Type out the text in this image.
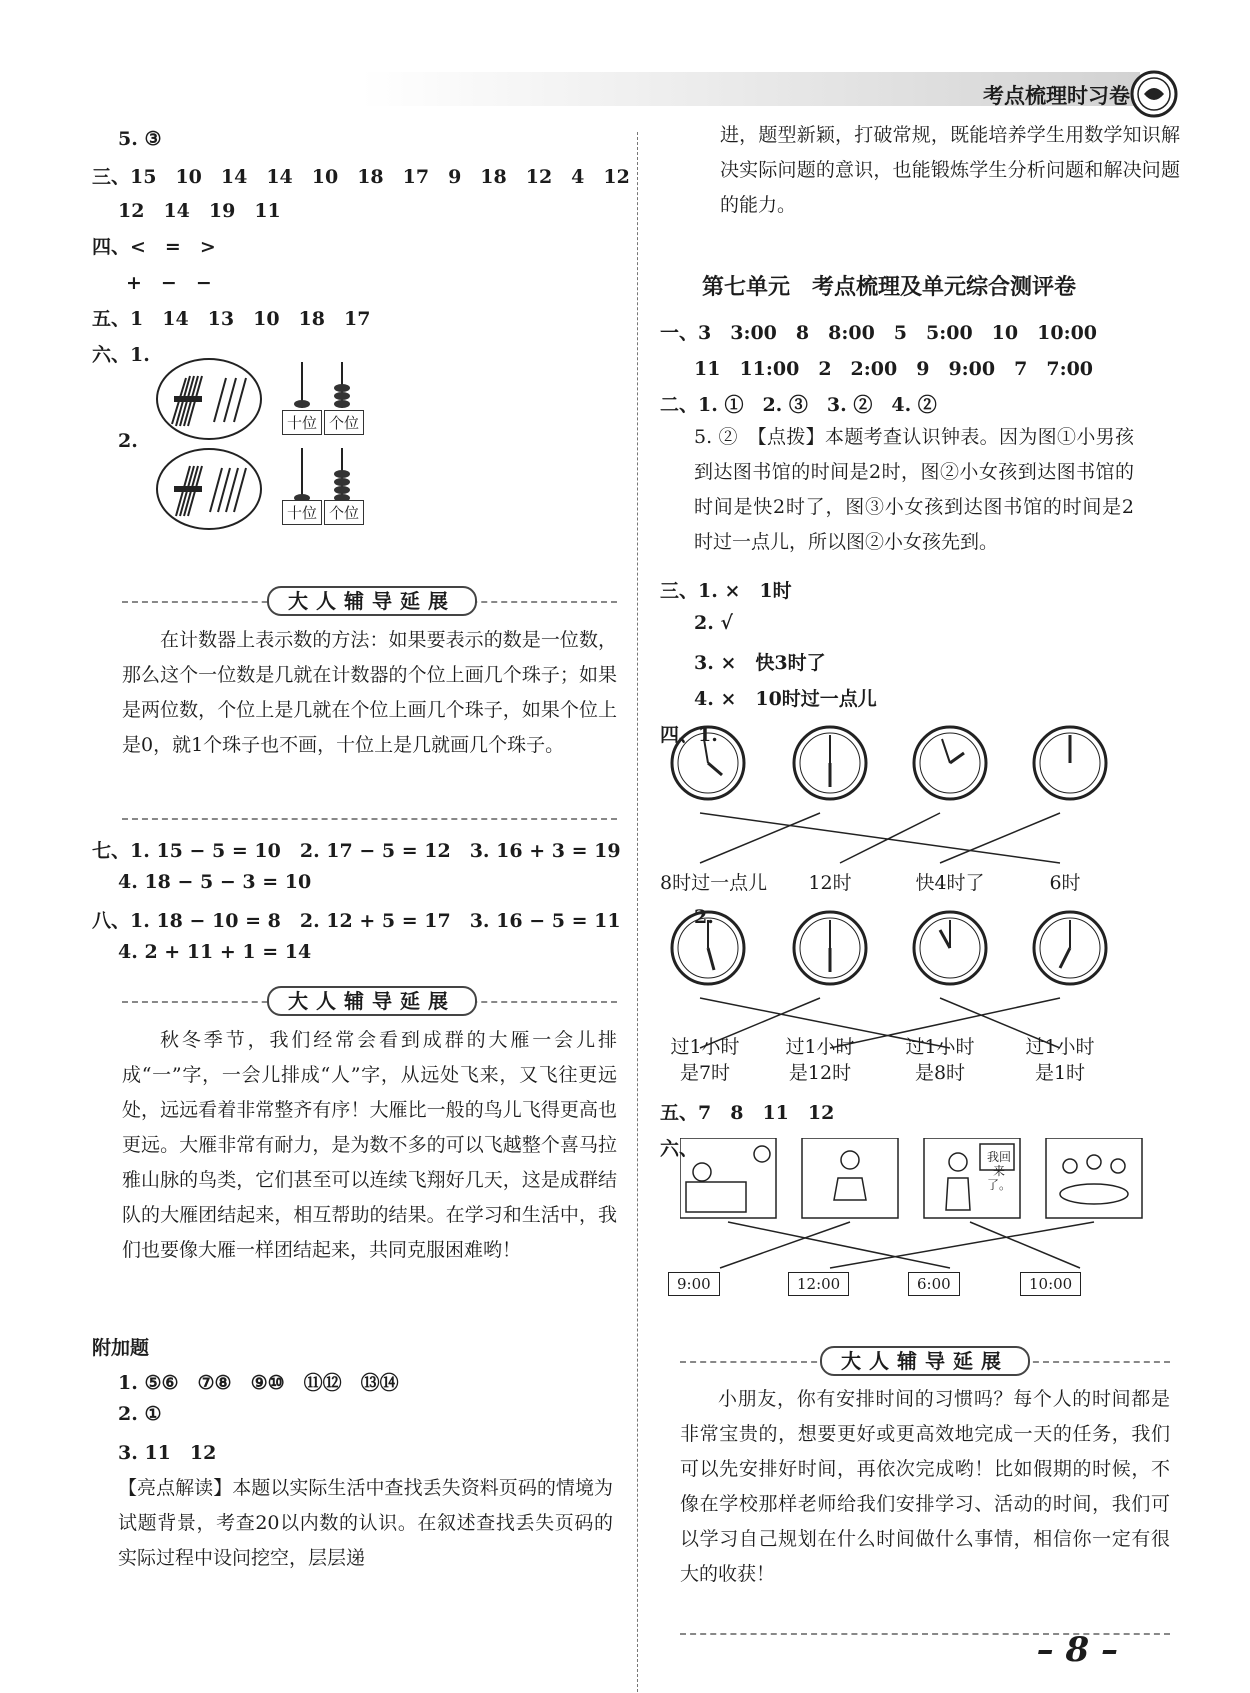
考点梳理时习卷
5. ③
三、15　10　14　14　10　18　17　9　18　12　4　12
12　14　19　11
四、<　=　>
+　−　−
五、1　14　13　10　18　17
六、1.
十位 个位
2.
十位 个位
大人辅导延展
在计数器上表示数的方法：如果要表示的数是一位数，那么这个一位数是几就在计数器的个位上画几个珠子；如果是两位数，个位上是几就在个位上画几个珠子，如果个位上是0，就1个珠子也不画，十位上是几就画几个珠子。
七、1. 15 − 5 = 10　2. 17 − 5 = 12　3. 16 + 3 = 19
4. 18 − 5 − 3 = 10
八、1. 18 − 10 = 8　2. 12 + 5 = 17　3. 16 − 5 = 11
4. 2 + 11 + 1 = 14
大人辅导延展
秋冬季节，我们经常会看到成群的大雁一会儿排成“一”字，一会儿排成“人”字，从远处飞来，又飞往更远处，远远看着非常整齐有序！大雁比一般的鸟儿飞得更高也更远。大雁非常有耐力，是为数不多的可以飞越整个喜马拉雅山脉的鸟类，它们甚至可以连续飞翔好几天，这是成群结队的大雁团结起来，相互帮助的结果。在学习和生活中，我们也要像大雁一样团结起来，共同克服困难哟！
附加题
1. ⑤⑥　⑦⑧　⑨⑩　⑪⑫　⑬⑭
2. ①
3. 11　12
【亮点解读】本题以实际生活中查找丢失资料页码的情境为试题背景，考查20以内数的认识。在叙述查找丢失页码的实际过程中设问挖空，层层递
进，题型新颖，打破常规，既能培养学生用数学知识解决实际问题的意识，也能锻炼学生分析问题和解决问题的能力。
第七单元　考点梳理及单元综合测评卷
一、3　3:00　8　8:00　5　5:00　10　10:00
11　11:00　2　2:00　9　9:00　7　7:00
二、1. ①　2. ③　3. ②　4. ②
5. ②　【点拨】本题考查认识钟表。因为图①小男孩到达图书馆的时间是2时，图②小女孩到达图书馆的时间是快2时了，图③小女孩到达图书馆的时间是2时过一点儿，所以图②小女孩先到。
三、1. ×　1时
2. √
3. ×　快3时了
4. ×　10时过一点儿
四、1.
8时过一点儿	12时	快4时了	6时
2.
过1小时	过1小时	过1小时	过1小时
是7时	是12时	是8时	是1时
五、7　8　11　12
六、	我回来了。
9:00	12:00	6:00	10:00
大人辅导延展
小朋友，你有安排时间的习惯吗？每个人的时间都是非常宝贵的，想要更好或更高效地完成一天的任务，我们可以先安排好时间，再依次完成哟！比如假期的时候，不像在学校那样老师给我们安排学习、活动的时间，我们可以学习自己规划在什么时间做什么事情，相信你一定有很大的收获！
– 8 –
